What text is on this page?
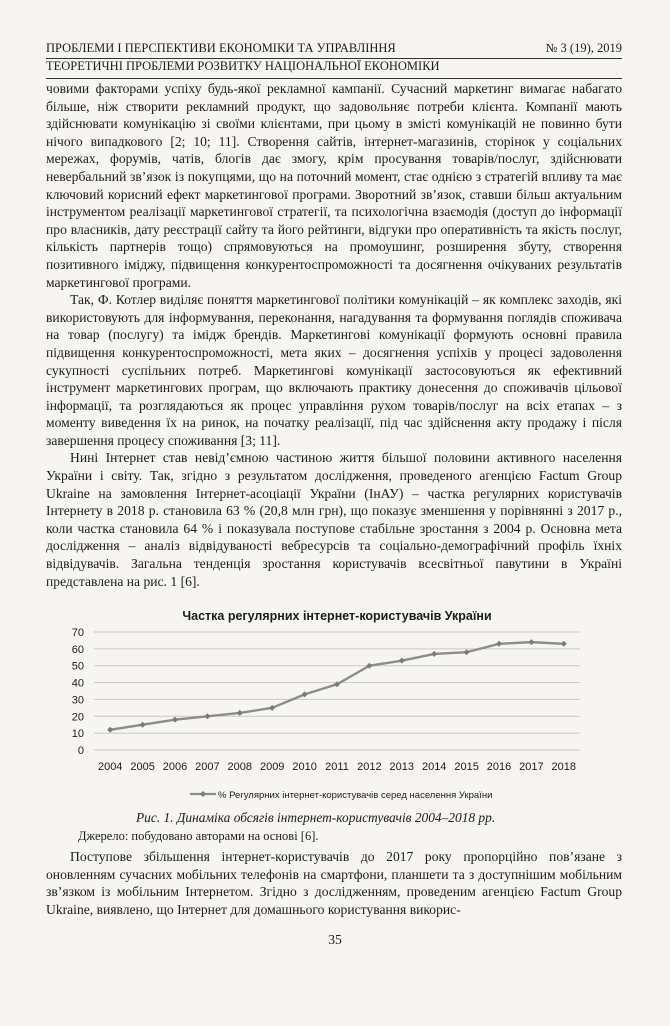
ПРОБЛЕМИ І ПЕРСПЕКТИВИ ЕКОНОМІКИ ТА УПРАВЛІННЯ	№ 3 (19), 2019
ТЕОРЕТИЧНІ ПРОБЛЕМИ РОЗВИТКУ НАЦІОНАЛЬНОЇ ЕКОНОМІКИ

човими факторами успіху будь-якої рекламної кампанії. Сучасний маркетинг вимагає набагато більше, ніж створити рекламний продукт, що задовольняє потреби клієнта. Компанії мають здійснювати комунікацію зі своїми клієнтами, при цьому в змісті комунікацій не повинно бути нічого випадкового [2; 10; 11]. Створення сайтів, інтернет-магазинів, сторінок у соціальних мережах, форумів, чатів, блогів дає змогу, крім просування товарів/послуг, здійснювати невербальний зв’язок із покупцями, що на поточний момент, стає однією з стратегій впливу та має ключовий корисний ефект маркетингової програми. Зворотний зв’язок, ставши більш актуальним інструментом реалізації маркетингової стратегії, та психологічна взаємодія (доступ до інформації про власників, дату реєстрації сайту та його рейтинги, відгуки про оперативність та якість послуг, кількість партнерів тощо) спрямовуються на промоушинг, розширення збуту, створення позитивного іміджу, підвищення конкурентоспроможності та досягнення очікуваних результатів маркетингової програми.

Так, Ф. Котлер виділяє поняття маркетингової політики комунікацій – як комплекс заходів, які використовують для інформування, переконання, нагадування та формування поглядів споживача на товар (послугу) та імідж брендів. Маркетингові комунікації формують основні правила підвищення конкурентоспроможності, мета яких – досягнення успіхів у процесі задоволення сукупності суспільних потреб. Маркетингові комунікації застосовуються як ефективний інструмент маркетингових програм, що включають практику донесення до споживачів цільової інформації, та розглядаються як процес управління рухом товарів/послуг на всіх етапах – з моменту виведення їх на ринок, на початку реалізації, під час здійснення акту продажу і після завершення процесу споживання [3; 11].

Нині Інтернет став невід’ємною частиною життя більшої половини активного населення України і світу. Так, згідно з результатом дослідження, проведеного агенцією Factum Group Ukraine на замовлення Інтернет-асоціації України (ІнАУ) – частка регулярних користувачів Інтернету в 2018 р. становила 63 % (20,8 млн грн), що показує зменшення у порівнянні з 2017 р., коли частка становила 64 % і показувала поступове стабільне зростання з 2004 р. Основна мета дослідження – аналіз відвідуваності вебресурсів та соціально-демографічний профіль їхніх відвідувачів. Загальна тенденція зростання користувачів всесвітньої павутини в Україні представлена на рис. 1 [6].

Частка регулярних інтернет-користувачів України
0
10
20
30
40
50
60
70
2004 2005 2006 2007 2008 2009 2010 2011 2012 2013 2014 2015 2016 2017 2018
% Регулярних інтернет-користувачів серед населення України
Рис. 1. Динаміка обсягів інтернет-користувачів 2004–2018 рр.
Джерело: побудовано авторами на основі [6].

Поступове збільшення інтернет-користувачів до 2017 року пропорційно пов’язане з оновленням сучасних мобільних телефонів на смартфони, планшети та з доступнішим мобільним зв’язком із мобільним Інтернетом. Згідно з дослідженням, проведеним агенцією Factum Group Ukraine, виявлено, що Інтернет для домашнього користування викорис-

35
